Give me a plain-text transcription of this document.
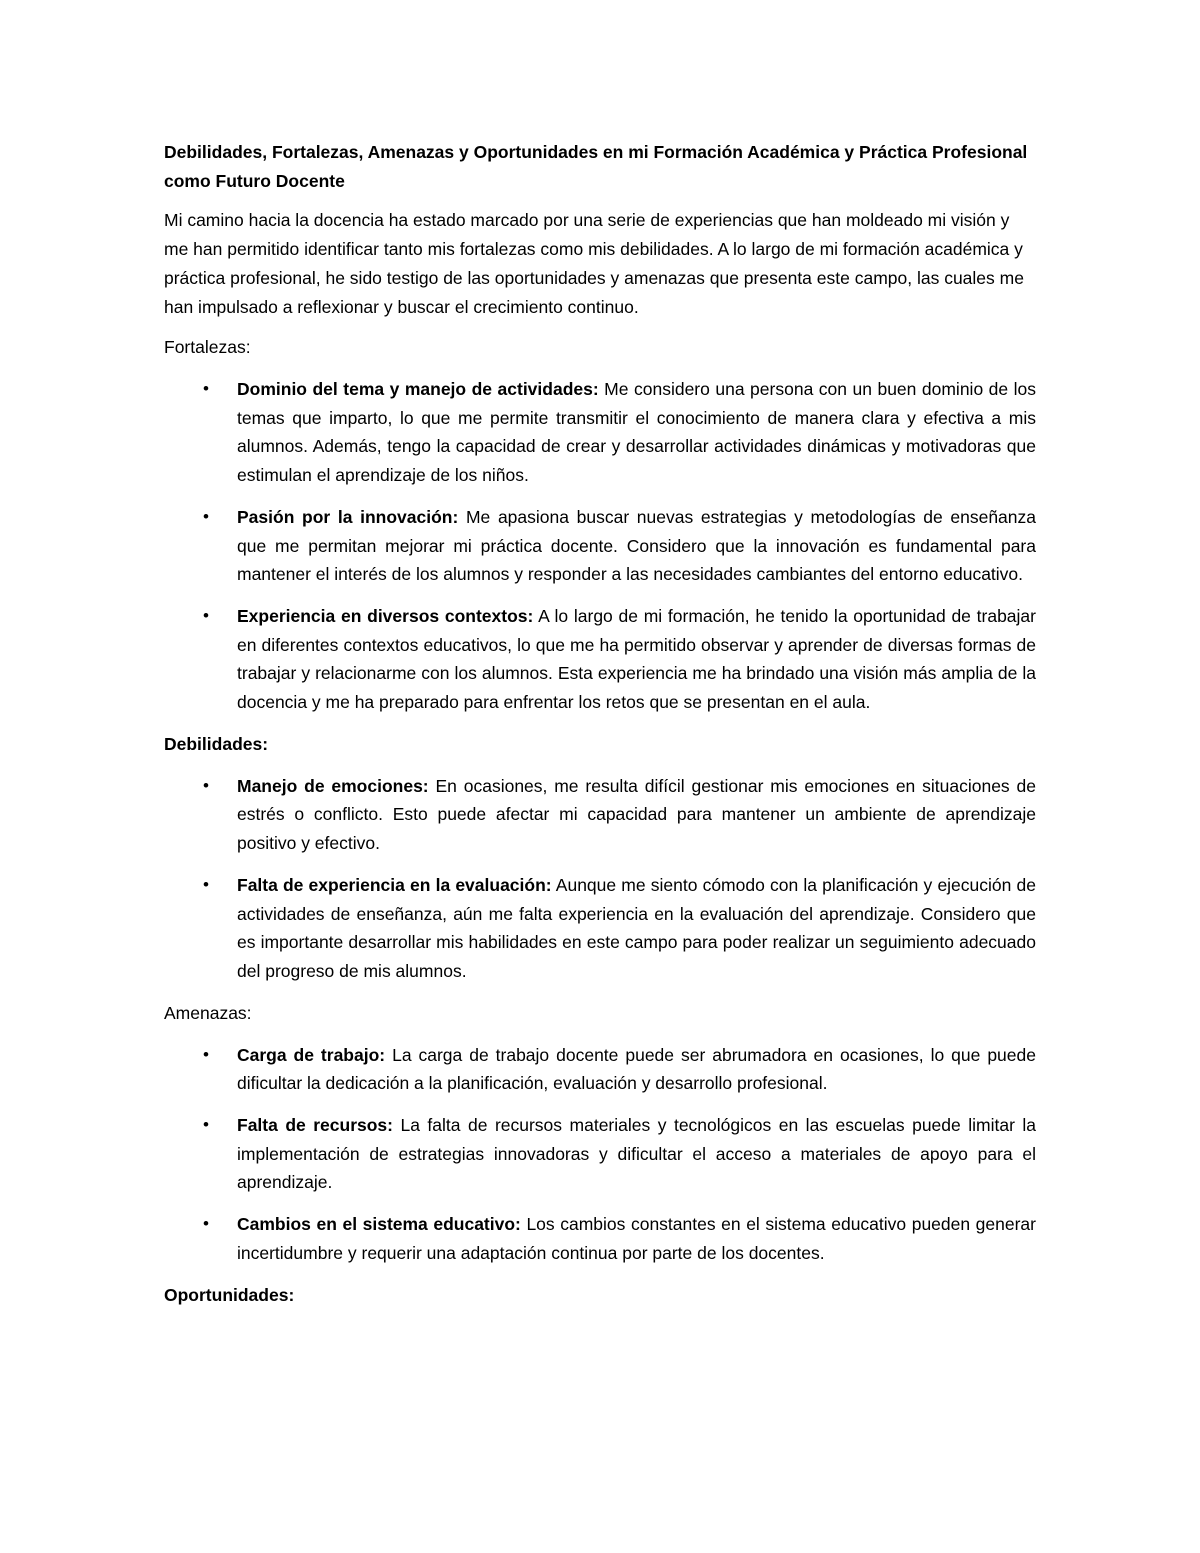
Debilidades, Fortalezas, Amenazas y Oportunidades en mi Formación Académica y Práctica Profesional como Futuro Docente

Mi camino hacia la docencia ha estado marcado por una serie de experiencias que han moldeado mi visión y me han permitido identificar tanto mis fortalezas como mis debilidades. A lo largo de mi formación académica y práctica profesional, he sido testigo de las oportunidades y amenazas que presenta este campo, las cuales me han impulsado a reflexionar y buscar el crecimiento continuo.

Fortalezas:
• Dominio del tema y manejo de actividades: Me considero una persona con un buen dominio de los temas que imparto, lo que me permite transmitir el conocimiento de manera clara y efectiva a mis alumnos. Además, tengo la capacidad de crear y desarrollar actividades dinámicas y motivadoras que estimulan el aprendizaje de los niños.
• Pasión por la innovación: Me apasiona buscar nuevas estrategias y metodologías de enseñanza que me permitan mejorar mi práctica docente. Considero que la innovación es fundamental para mantener el interés de los alumnos y responder a las necesidades cambiantes del entorno educativo.
• Experiencia en diversos contextos: A lo largo de mi formación, he tenido la oportunidad de trabajar en diferentes contextos educativos, lo que me ha permitido observar y aprender de diversas formas de trabajar y relacionarme con los alumnos. Esta experiencia me ha brindado una visión más amplia de la docencia y me ha preparado para enfrentar los retos que se presentan en el aula.
Debilidades:
• Manejo de emociones: En ocasiones, me resulta difícil gestionar mis emociones en situaciones de estrés o conflicto. Esto puede afectar mi capacidad para mantener un ambiente de aprendizaje positivo y efectivo.
• Falta de experiencia en la evaluación: Aunque me siento cómodo con la planificación y ejecución de actividades de enseñanza, aún me falta experiencia en la evaluación del aprendizaje. Considero que es importante desarrollar mis habilidades en este campo para poder realizar un seguimiento adecuado del progreso de mis alumnos.
Amenazas:
• Carga de trabajo: La carga de trabajo docente puede ser abrumadora en ocasiones, lo que puede dificultar la dedicación a la planificación, evaluación y desarrollo profesional.
• Falta de recursos: La falta de recursos materiales y tecnológicos en las escuelas puede limitar la implementación de estrategias innovadoras y dificultar el acceso a materiales de apoyo para el aprendizaje.
• Cambios en el sistema educativo: Los cambios constantes en el sistema educativo pueden generar incertidumbre y requerir una adaptación continua por parte de los docentes.
Oportunidades:
